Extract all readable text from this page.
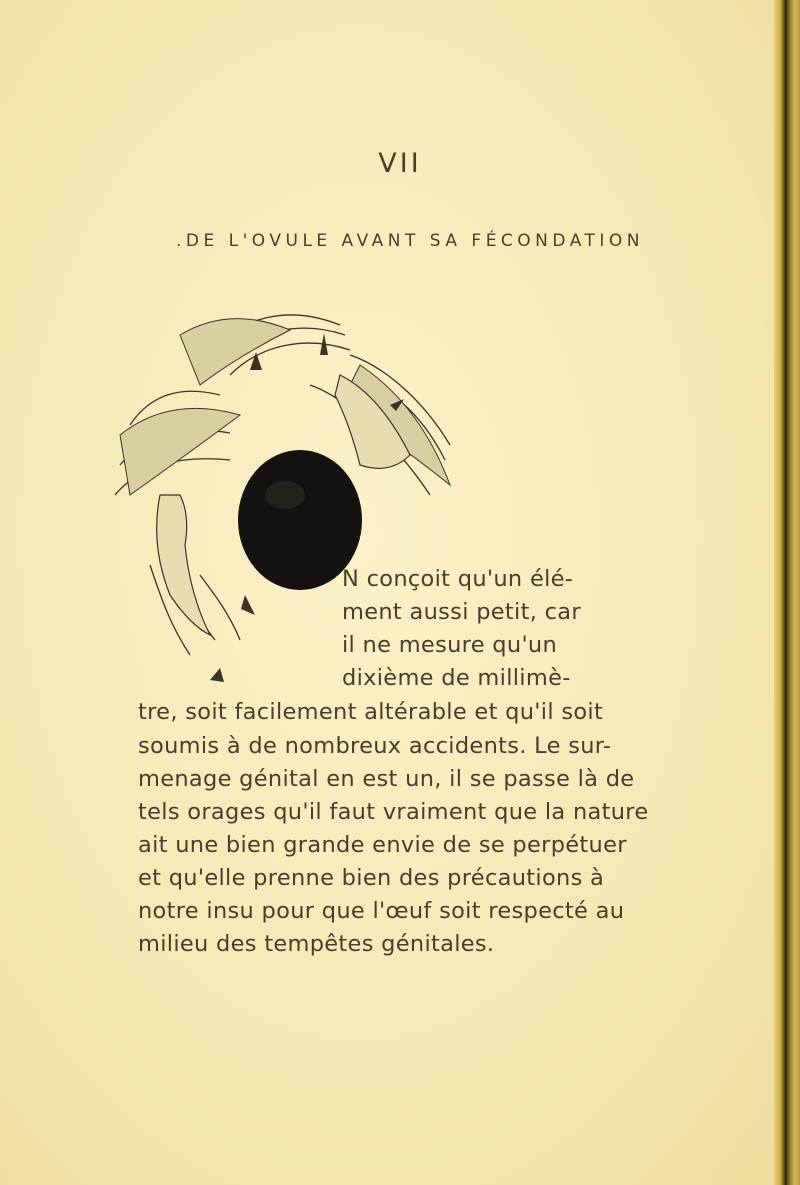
VII
.DE L'OVULE AVANT SA FÉCONDATION
N conçoit qu'un élé-
ment aussi petit, car
il ne mesure qu'un
dixième de millimè-
tre, soit facilement altérable et qu'il soit
soumis à de nombreux accidents. Le sur-
menage génital en est un, il se passe là de
tels orages qu'il faut vraiment que la nature
ait une bien grande envie de se perpétuer
et qu'elle prenne bien des précautions à
notre insu pour que l'œuf soit respecté au
milieu des tempêtes génitales.
